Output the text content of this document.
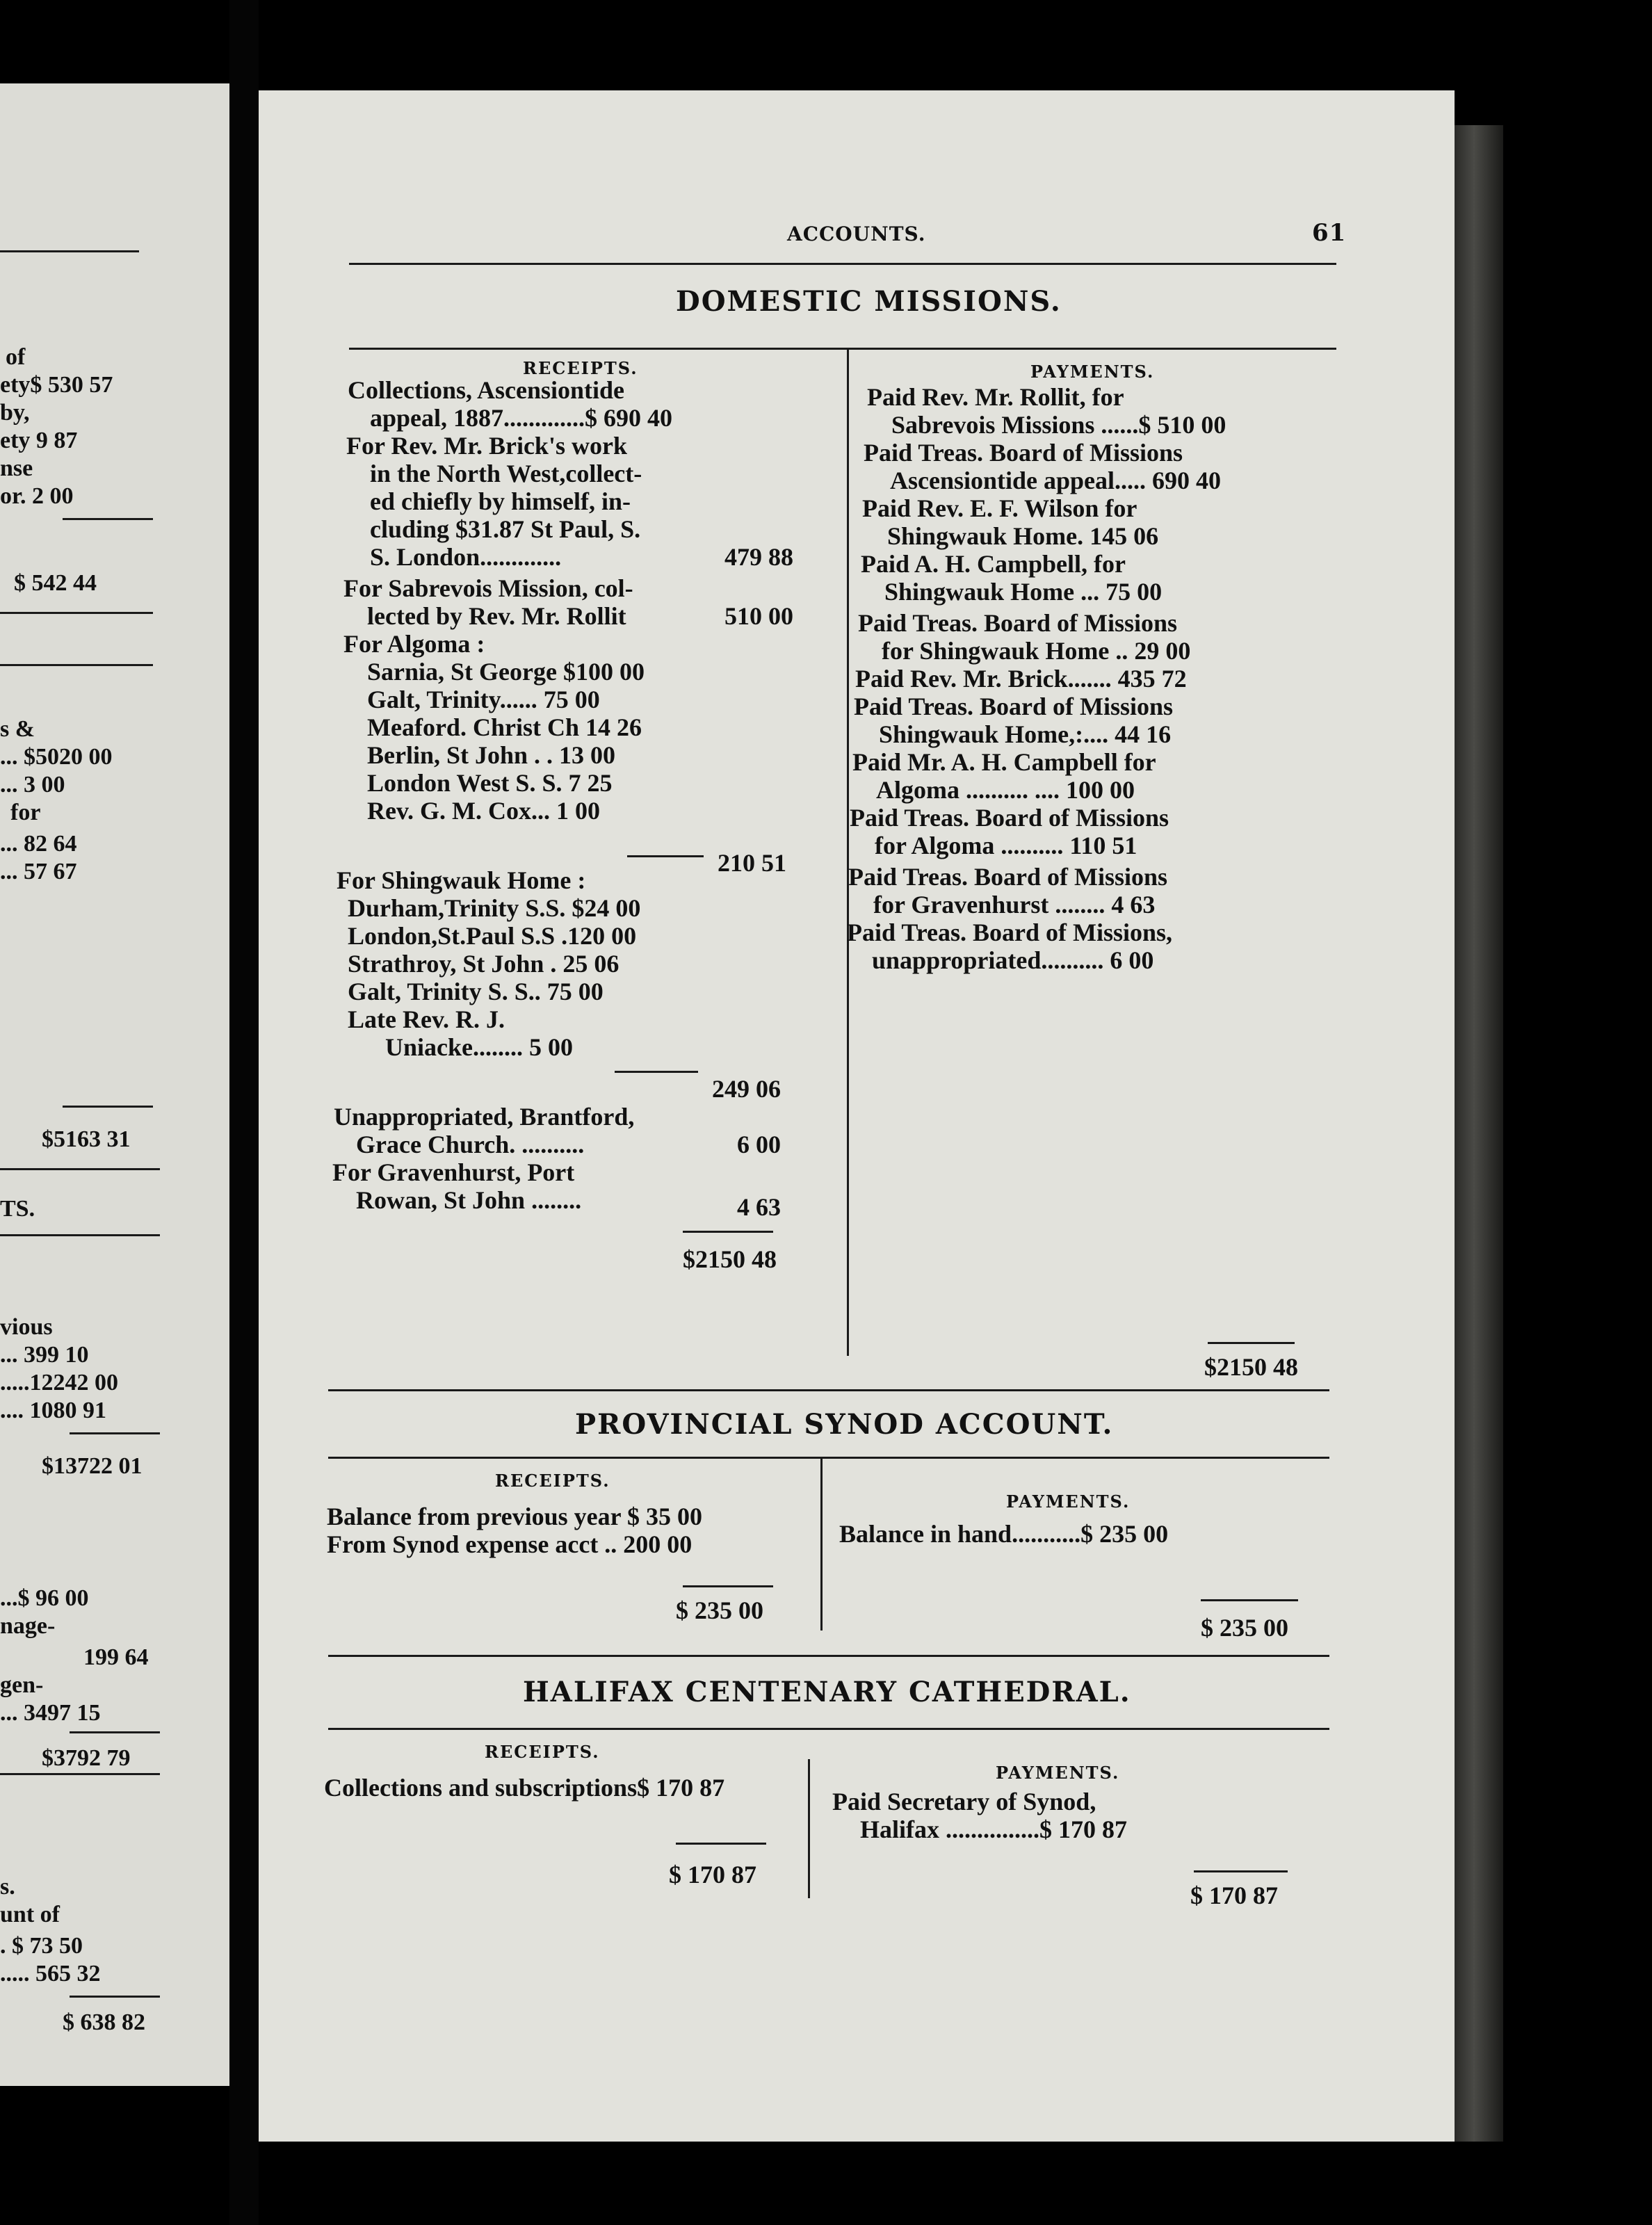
of
ety$ 530 57
by,
ety 9 87
nse
or. 2 00
$ 542 44
s &
... $5020 00
... 3 00
for
... 82 64
... 57 67
$5163 31
TS.
vious
... 399 10
.....12242 00
.... 1080 91
$13722 01
...$ 96 00
nage-
199 64
gen-
... 3497 15
$3792 79
s.
unt of
. $ 73 50
..... 565 32
$ 638 82
ACCOUNTS.	61
DOMESTIC MISSIONS.
RECEIPTS.	PAYMENTS.
Collections, Ascensiontide
appeal, 1887.............$ 690 40
For Rev. Mr. Brick's work
in the North West,collect-
ed chiefly by himself, in-
cluding $31.87 St Paul, S.
S. London.............	479 88
For Sabrevois Mission, col-
lected by Rev. Mr. Rollit	510 00
For Algoma :
Sarnia, St George $100 00
Galt, Trinity...... 75 00
Meaford. Christ Ch 14 26
Berlin, St John . . 13 00
London West S. S. 7 25
Rev. G. M. Cox... 1 00
210 51
For Shingwauk Home :
Durham,Trinity S.S. $24 00
London,St.Paul S.S .120 00
Strathroy, St John . 25 06
Galt, Trinity S. S.. 75 00
Late Rev. R. J.
Uniacke........ 5 00
249 06
Unappropriated, Brantford,
Grace Church. ..........	6 00
For Gravenhurst, Port
Rowan, St John ........	4 63
$2150 48
Paid Rev. Mr. Rollit, for
Sabrevois Missions ......$ 510 00
Paid Treas. Board of Missions
Ascensiontide appeal..... 690 40
Paid Rev. E. F. Wilson for
Shingwauk Home. 145 06
Paid A. H. Campbell, for
Shingwauk Home ... 75 00
Paid Treas. Board of Missions
for Shingwauk Home .. 29 00
Paid Rev. Mr. Brick....... 435 72
Paid Treas. Board of Missions
Shingwauk Home,:.... 44 16
Paid Mr. A. H. Campbell for
Algoma .......... .... 100 00
Paid Treas. Board of Missions
for Algoma .......... 110 51
Paid Treas. Board of Missions
for Gravenhurst ........ 4 63
Paid Treas. Board of Missions,
unappropriated.......... 6 00
$2150 48
PROVINCIAL SYNOD ACCOUNT.
RECEIPTS.
PAYMENTS.
Balance from previous year $ 35 00
From Synod expense acct .. 200 00
$ 235 00
Balance in hand...........$ 235 00
$ 235 00
HALIFAX CENTENARY CATHEDRAL.
RECEIPTS.
PAYMENTS.
Collections and subscriptions$ 170 87
$ 170 87
Paid Secretary of Synod,
Halifax ...............$ 170 87
$ 170 87
